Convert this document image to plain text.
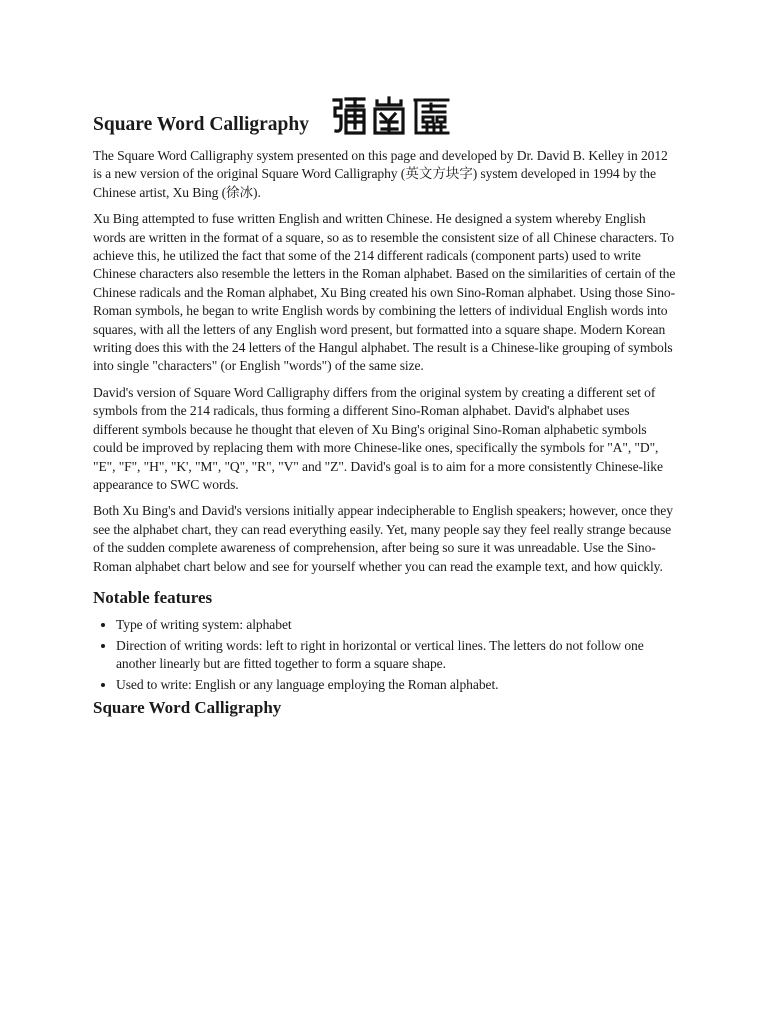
Square Word Calligraphy

The Square Word Calligraphy system presented on this page and developed by Dr. David B. Kelley in 2012 is a new version of the original Square Word Calligraphy (英文方块字) system developed in 1994 by the Chinese artist, Xu Bing (徐冰).

Xu Bing attempted to fuse written English and written Chinese. He designed a system whereby English words are written in the format of a square, so as to resemble the consistent size of all Chinese characters. To achieve this, he utilized the fact that some of the 214 different radicals (component parts) used to write Chinese characters also resemble the letters in the Roman alphabet. Based on the similarities of certain of the Chinese radicals and the Roman alphabet, Xu Bing created his own Sino-Roman alphabet. Using those Sino-Roman symbols, he began to write English words by combining the letters of individual English words into squares, with all the letters of any English word present, but formatted into a square shape. Modern Korean writing does this with the 24 letters of the Hangul alphabet. The result is a Chinese-like grouping of symbols into single "characters" (or English "words") of the same size.

David's version of Square Word Calligraphy differs from the original system by creating a different set of symbols from the 214 radicals, thus forming a different Sino-Roman alphabet. David's alphabet uses different symbols because he thought that eleven of Xu Bing's original Sino-Roman alphabetic symbols could be improved by replacing them with more Chinese-like ones, specifically the symbols for "A", "D", "E", "F", "H", "K', "M", "Q", "R", "V" and "Z". David's goal is to aim for a more consistently Chinese-like appearance to SWC words.

Both Xu Bing's and David's versions initially appear indecipherable to English speakers; however, once they see the alphabet chart, they can read everything easily. Yet, many people say they feel really strange because of the sudden complete awareness of comprehension, after being so sure it was unreadable. Use the Sino-Roman alphabet chart below and see for yourself whether you can read the example text, and how quickly.

Notable features
• Type of writing system: alphabet
• Direction of writing words: left to right in horizontal or vertical lines. The letters do not follow one another linearly but are fitted together to form a square shape.
• Used to write: English or any language employing the Roman alphabet.
Square Word Calligraphy
